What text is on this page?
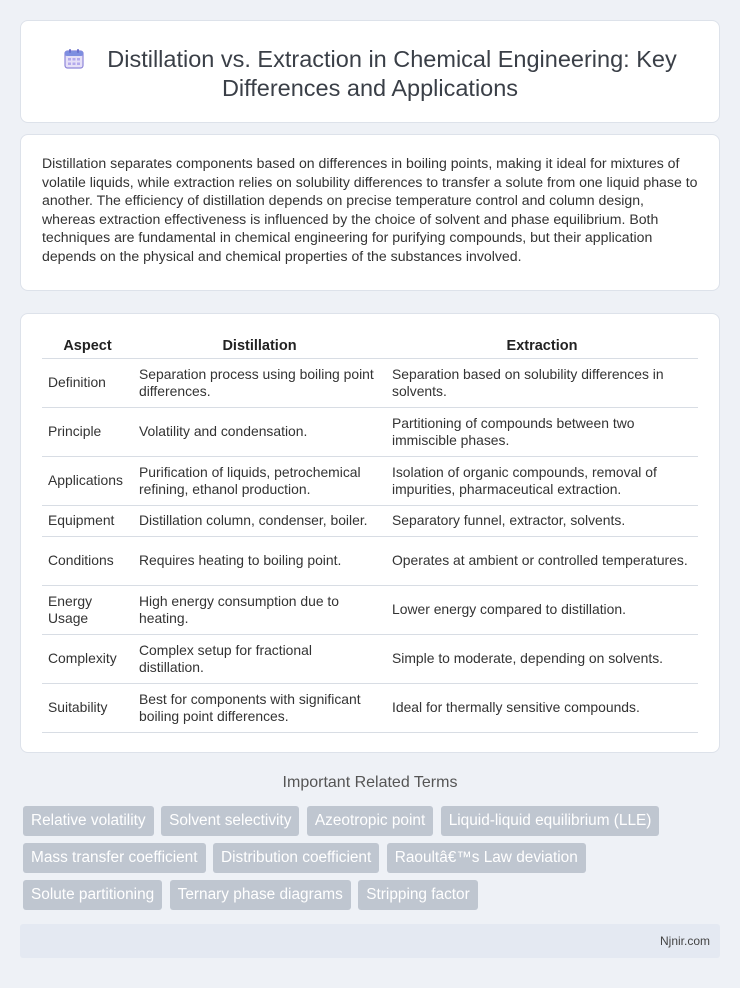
Distillation vs. Extraction in Chemical Engineering: Key Differences and Applications

Distillation separates components based on differences in boiling points, making it ideal for mixtures of volatile liquids, while extraction relies on solubility differences to transfer a solute from one liquid phase to another. The efficiency of distillation depends on precise temperature control and column design, whereas extraction effectiveness is influenced by the choice of solvent and phase equilibrium. Both techniques are fundamental in chemical engineering for purifying compounds, but their application depends on the physical and chemical properties of the substances involved.

Aspect	Distillation	Extraction
Definition	Separation process using boiling point differences.	Separation based on solubility differences in solvents.
Principle	Volatility and condensation.	Partitioning of compounds between two immiscible phases.
Applications	Purification of liquids, petrochemical refining, ethanol production.	Isolation of organic compounds, removal of impurities, pharmaceutical extraction.
Equipment	Distillation column, condenser, boiler.	Separatory funnel, extractor, solvents.
Conditions	Requires heating to boiling point.	Operates at ambient or controlled temperatures.
Energy Usage	High energy consumption due to heating.	Lower energy compared to distillation.
Complexity	Complex setup for fractional distillation.	Simple to moderate, depending on solvents.
Suitability	Best for components with significant boiling point differences.	Ideal for thermally sensitive compounds.
Important Related Terms
Relative volatility Solvent selectivity Azeotropic point Liquid-liquid equilibrium (LLE)
Mass transfer coefficient Distribution coefficient Raoultâ€™s Law deviation
Solute partitioning Ternary phase diagrams Stripping factor
Njnir.com
